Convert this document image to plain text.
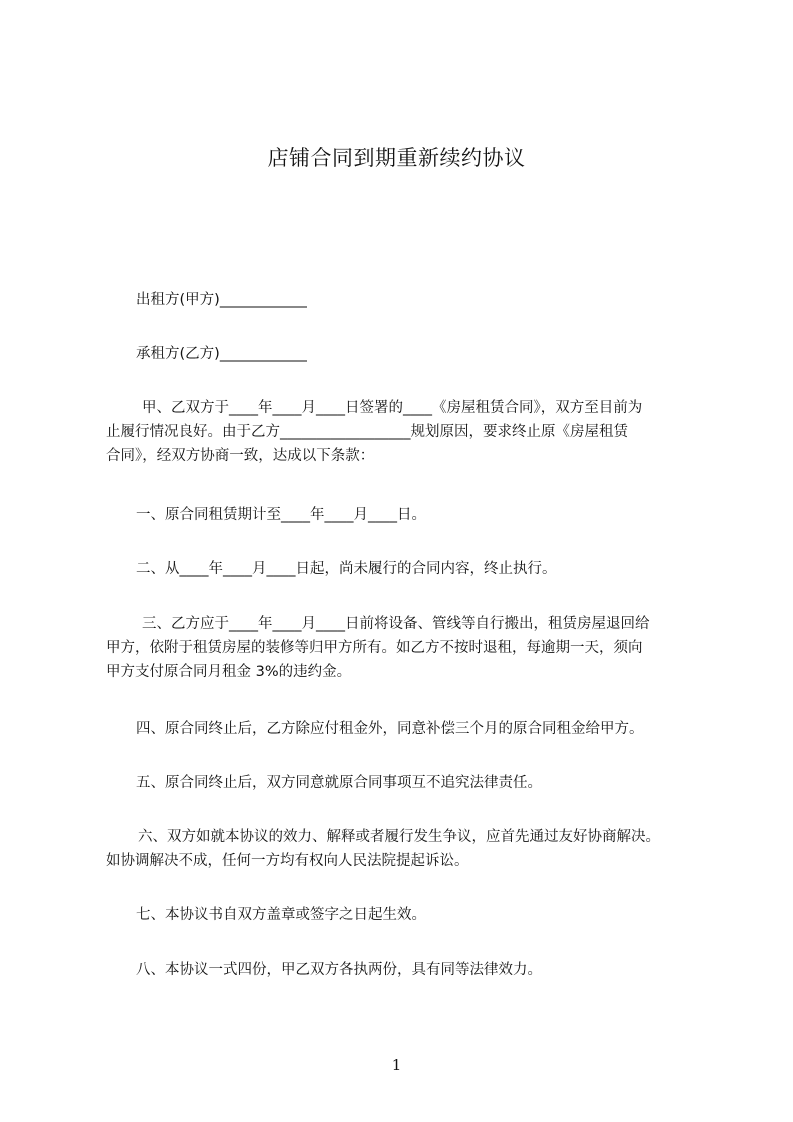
店铺合同到期重新续约协议

出租方(甲方)____________

承租方(乙方)____________

甲、乙双方于____年____月____日签署的____《房屋租赁合同》，双方至目前为
止履行情况良好。由于乙方__________________规划原因，要求终止原《房屋租赁
合同》，经双方协商一致，达成以下条款：

一、原合同租赁期计至____年____月____日。

二、从____年____月____日起，尚未履行的合同内容，终止执行。

三、乙方应于____年____月____日前将设备、管线等自行搬出，租赁房屋退回给
甲方，依附于租赁房屋的装修等归甲方所有。如乙方不按时退租，每逾期一天，须向
甲方支付原合同月租金 3%的违约金。

四、原合同终止后，乙方除应付租金外，同意补偿三个月的原合同租金给甲方。

五、原合同终止后，双方同意就原合同事项互不追究法律责任。

六、双方如就本协议的效力、解释或者履行发生争议，应首先通过友好协商解决。
如协调解决不成，任何一方均有权向人民法院提起诉讼。

七、本协议书自双方盖章或签字之日起生效。

八、本协议一式四份，甲乙双方各执两份，具有同等法律效力。

1
